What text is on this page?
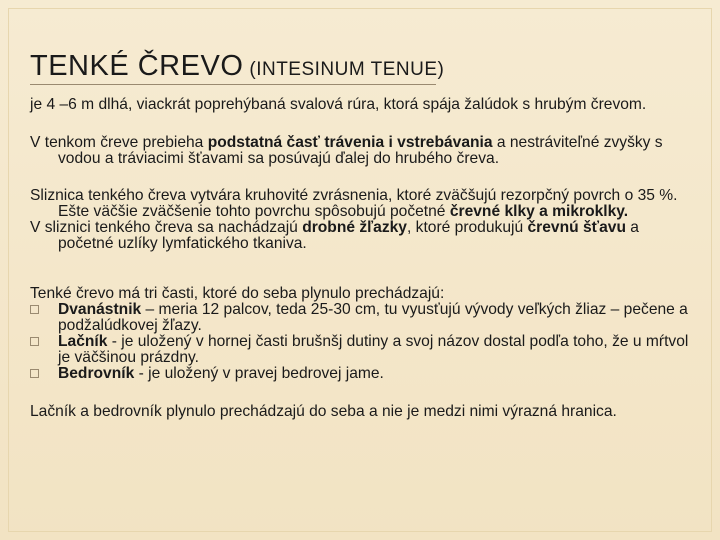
TENKÉ ČREVO (INTESINUM TENUE)

je 4 –6 m dlhá, viackrát poprehýbaná svalová rúra, ktorá spája žalúdok s hrubým črevom.

V tenkom čreve prebieha podstatná časť trávenia i vstrebávania a nestráviteľné zvyšky s vodou a tráviacimi šťavami sa posúvajú ďalej do hrubého čreva.

Sliznica tenkého čreva vytvára kruhovité zvrásnenia, ktoré zväčšujú rezorpčný povrch o 35 %. Ešte väčšie zväčšenie tohto povrchu spôsobujú početné črevné klky a mikroklky.

V sliznici tenkého čreva sa nachádzajú drobné žľazky, ktoré produkujú črevnú šťavu a početné uzlíky lymfatického tkaniva.

Tenké črevo má tri časti, ktoré do seba plynulo prechádzajú:

Dvanástnik – meria 12 palcov, teda 25-30 cm, tu vyusťujú vývody veľkých žliaz – pečene a podžalúdkovej žľazy.

Lačník - je uložený v hornej časti brušnšj dutiny a svoj názov dostal podľa toho, že u mŕtvol je väčšinou prázdny.

Bedrovník - je uložený v pravej bedrovej jame.

Lačník a bedrovník plynulo prechádzajú do seba a nie je medzi nimi výrazná hranica.
